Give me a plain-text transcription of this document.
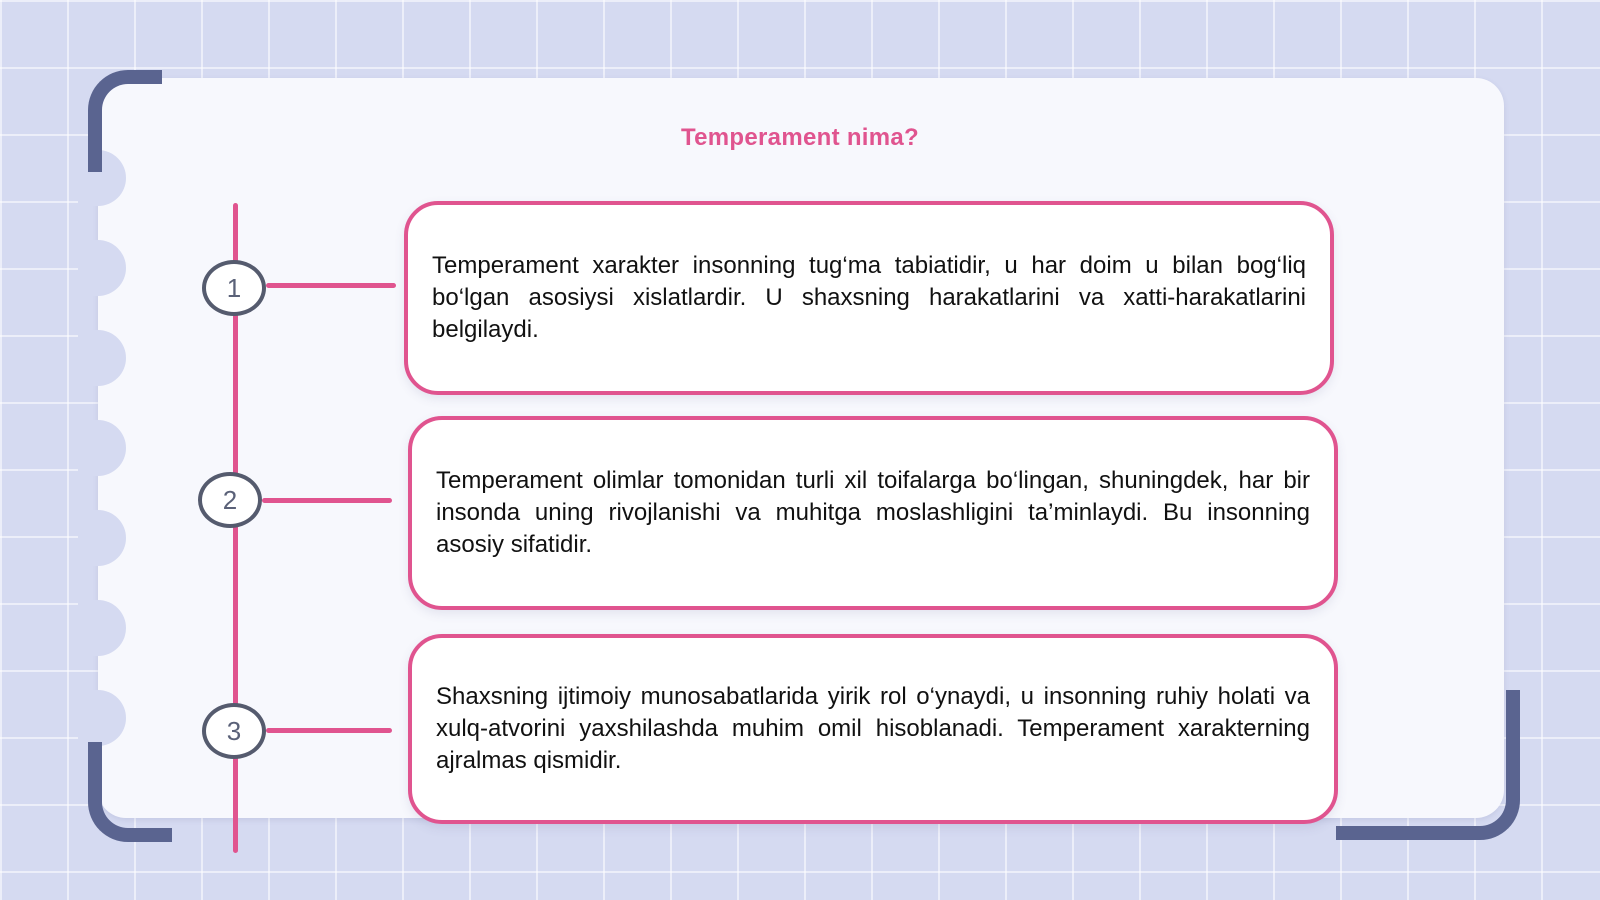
Temperament nima?
1

Temperament xarakter insonning tug‘ma tabiatidir, u har doim u bilan bog‘liq bo‘lgan asosiysi xislatlardir. U shaxsning harakatlarini va xatti-harakatlarini belgilaydi.

2

Temperament olimlar tomonidan turli xil toifalarga bo‘lingan, shuningdek, har bir insonda uning rivojlanishi va muhitga moslashligini ta’minlaydi. Bu insonning asosiy sifatidir.

3

Shaxsning ijtimoiy munosabatlarida yirik rol o‘ynaydi, u insonning ruhiy holati va xulq-atvorini yaxshilashda muhim omil hisoblanadi. Temperament xarakterning ajralmas qismidir.
